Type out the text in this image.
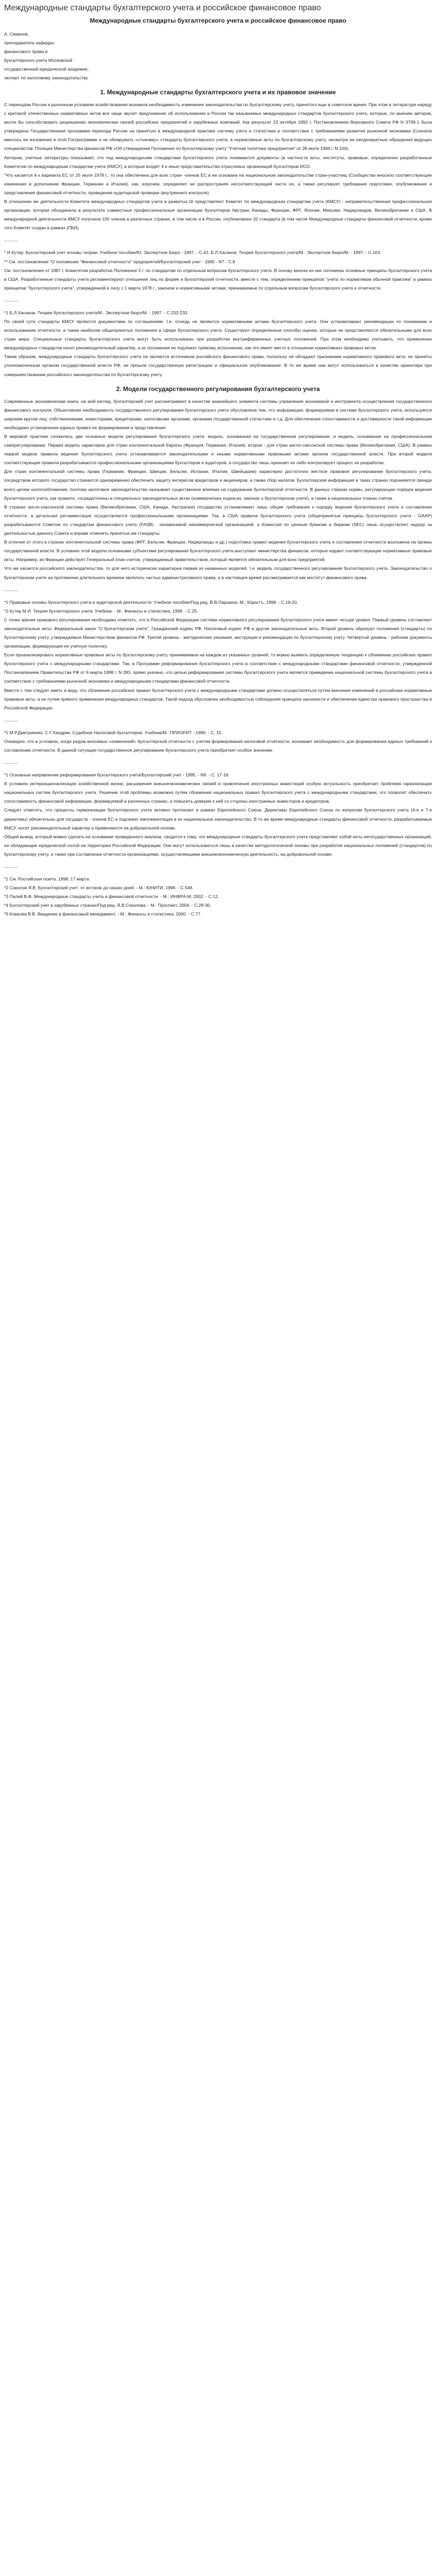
Международные стандарты бухгалтерского учета и российское финансовое право
Международные стандарты бухгалтерского учета и российское финансовое право

А. Смирнов,

преподаватель кафедры

финансового права и

бухгалтерского учета Московской

государственной юридической академии,

эксперт по налоговому законодательству

1. Международные стандарты бухгалтерского учета и их правовое значение

С переходом России к рыночным условиям хозяйствования возникла необходимость изменения законодательства по бухгалтерскому учету, принятого еще в советское время. При этом в литературе наряду с критикой отечественных нормативных актов все чаще звучит предложение об использовании в России так называемых международных стандартов бухгалтерского учета, которые, по мнению авторов, могли бы способствовать разрешению экономических связей российских предприятий и зарубежных компаний. Как результат 22 октября 1992 г. Постановлением Верховного Совета РФ N 3708-1 была утверждена Государственная программа перехода России на принятую в международной практике систему учета и статистики в соответствии с требованиями развития рыночной экономики (Сначала имелось ее изложение в этой Госпрограмме и не обнаружить «стыковку» стандарты бухгалтерского учета, а нормативные акты по бухгалтерскому учету, несмотря на неоднократные обращения ведущих специалистов. Позиция Министерства финансов РФ «Об утверждении Положения по бухгалтерскому учету "Учетная политика предприятия" от 28 июля 1994 г. N 100).

Автором, учетные литературы показывает, что под международными стандартами бухгалтерского учета понимаются документы (в частности акты, институты, правовые, определенно разработанные Комитетом по международным стандартам учета (КМСУ), в которые входят 4 и иные представительство отраслевых организаций бухгалтеров ИСО.

"Что касается 4-х варианта ЕС от 25 июля 1978 г., то она обеспечена для всех стран- членов ЕС и не основана на национальном законодательстве стран-участниц (Сообщество вносило соответствующие изменения в дополнение Франции, Германии и Италия), как, впрочем, определяет не распространяя несоответствующей части ее, а также регулирует требования подготовки, опубликования и представления финансовой отчетности, проведения аудиторской проверки (внутреннего контроля).

В отношении же деятельности Комитета международных стандартов учета в развитых Ш представляют Комитет по международным стандартам учета (КМСУ) - неправительственная профессиональная организация, которая объединила в результате совместные профессиональные организации бухгалтеров Австрии, Канады, Франции, ФРГ, Японии, Мексики, Нидерландов, Великобритании и США. В международной деятельности КМСУ получила 100 членов в различных странах, в том числе и в России, опубликовано 32 стандарта (в том числе Международные стандарты финансовой отчетности, кроме того Комитет создан в рамках (ПКИ).

-------

* И.Кутер. Бухгалтерский учет основы теории. Учебное пособие/Ю. Экспертное Бюро - 1997. - С.42. Б.Л.Хасанов. Теория бухгалтерского учета/М.: Экспертное Бюро/М. - 1997. - С.103.

** См. постановление "О положении "Финансовой отчетности" предприятий/Бухгалтерский учет - 1995 - N7 - С.8

См. постановление от 1987 г. Комитетом разработки Положения 3 г. по стандартам по отдельным вопросам бухгалтерского учета. В основу многих из них положены основные принципы бухгалтерского учета в США. Разработанные стандарты учета регламентируют отношения лиц по форме и бухгалтерской отчетности, вместе с тем, определением принципов "учета по нормативам обычной практики" в рамках принципов "бухгалтерского учета", утвержденной в силу с 1 марта 1978 г., законом и нормативными актами, принимаемые по отдельным вопросам бухгалтерского учета и отчетности.

-------

*1 Б.Л.Хасанов. Теория бухгалтерского учета/М.: Экспертное бюро/М. - 1997. - С.232-233.

По своей сути стандарты КМСУ являются документами по соглашениям: т.е. отнюдь не являются нормативными актами бухгалтерского учета. Они устанавливают рекомендации по пониманию и использованию отчетности, а также наиболее общепринятые положения в сфере бухгалтерского учета. Существуют определенные способы оценки, которые не представляются обязательными для всех стран мира. Специальные стандарты бухгалтерского учета могут быть использованы при разработке внутрифирменных учетных положений. При этом необходимо учитывать, что применение международных стандартов носит рекомендательный характер, а их положения не подлежат прямому исполнению, как это имеет место в отношении нормативных правовых актов.

Таким образом, международные стандарты бухгалтерского учета не являются источником российского финансового права, поскольку не обладают признаками нормативного правового акта: не приняты уполномоченным органом государственной власти РФ, не прошли государственную регистрацию и официальное опубликование. В то же время они могут использоваться в качестве ориентира при совершенствовании российского законодательства по бухгалтерскому учету.

2. Модели государственного регулирования бухгалтерского учета

Современные экономические книги, на мой взгляд, бухгалтерский учет рассматривают в качестве важнейшего элемента системы управления экономикой и инструмента осуществления государственного финансового контроля. Объективная необходимость государственного регулирования бухгалтерского учета обусловлена тем, что информация, формируемая в системе бухгалтерского учета, используется широким кругом лиц: собственниками, инвесторами, кредиторами, налоговыми органами, органами государственной статистики и т.д. Для обеспечения сопоставимости и достоверности такой информации необходимо установление единых правил ее формирования и представления.

В мировой практике сложились две основные модели регулирования бухгалтерского учета: модель, основанная на государственном регулировании, и модель, основанная на профессиональном саморегулировании. Первая модель характерна для стран континентальной Европы (Франция, Германия, Италия), вторая - для стран англо-саксонской системы права (Великобритания, США). В рамках первой модели правила ведения бухгалтерского учета устанавливаются законодательными и иными нормативными правовыми актами органов государственной власти. При второй модели соответствующие правила разрабатываются профессиональными организациями бухгалтеров и аудиторов, а государство лишь признает их либо контролирует процесс их разработки.

Для стран континентальной системы права (Германии, Франции, Швеции, Бельгии, Испании, Италии, Швейцарии) характерно достаточно жесткое правовое регулирование бухгалтерского учета, посредством которого государство стремится одновременно обеспечить защиту интересов кредиторов и акционеров, а также сбор налогов. Бухгалтерская информация в таких странах подчиняется прежде всего целям налогообложения, поэтому налоговое законодательство оказывает существенное влияние на содержание бухгалтерской отчетности. В данных странах нормы, регулирующие порядок ведения бухгалтерского учета, как правило, сосредоточены в специальных законодательных актах (коммерческих кодексах, законах о бухгалтерском учете), а также в национальных планах счетов.

В странах англо-саксонской системы права (Великобритании, США, Канаде, Австралии) государство устанавливает лишь общие требования к порядку ведения бухгалтерского учета и составления отчетности, а детальная регламентация осуществляется профессиональными организациями. Так, в США правила бухгалтерского учета (общепринятые принципы бухгалтерского учета - GAAP) разрабатываются Советом по стандартам финансового учета (FASB) - независимой некоммерческой организацией, а Комиссия по ценным бумагам и биржам (SEC) лишь осуществляет надзор за деятельностью данного Совета и вправе отменять принятые им стандарты.

В отличие от этого в странах континентальной системы права (ФРГ, Бельгии, Франции, Нидерланды и др.) подготовка правил ведения бухгалтерского учета и составления отчетности возложена на органы государственной власти. В условиях этой модели основными субъектами регулирования бухгалтерского учета выступают министерства финансов, которые издают соответствующие нормативные правовые акты. Например, во Франции действует Генеральный план счетов, утверждаемый правительством, который является обязательным для всех предприятий.

Что же касается российского законодательства, то для него исторически характерна первая из названных моделей, т.е. модель государственного регулирования бухгалтерского учета. Законодательство о бухгалтерском учете на протяжении длительного времени являлось частью административного права, а в настоящее время рассматривается как институт финансового права.

-------

*1 Правовые основы бухгалтерского учета и аудиторской деятельности: Учебное пособие/Под ред. В.В.Паршина, М.: Юристъ, 1998. - С.19-20.

*2 Кутер М.И. Теория бухгалтерского учета: Учебник. - М.: Финансы и статистика, 1999. - С.25.

С точки зрения правового регулирования необходимо отметить, что в Российской Федерации система нормативного регулирования бухгалтерского учета имеет четыре уровня. Первый уровень составляют законодательные акты: Федеральный закон "О бухгалтерском учете", Гражданский кодекс РФ, Налоговый кодекс РФ и другие законодательные акты. Второй уровень образуют положения (стандарты) по бухгалтерскому учету, утверждаемые Министерством финансов РФ. Третий уровень - методические указания, инструкции и рекомендации по бухгалтерскому учету. Четвертый уровень - рабочие документы организации, формирующие ее учетную политику.

Если проанализировать нормативные правовые акты по бухгалтерскому учету, принимаемые на каждом из указанных уровней, то можно выявить определенную тенденцию к сближению российских правил бухгалтерского учета с международными стандартами. Так, в Программе реформирования бухгалтерского учета в соответствии с международными стандартами финансовой отчетности, утвержденной Постановлением Правительства РФ от 6 марта 1998 г. N 283, прямо указано, что целью реформирования системы бухгалтерского учета является приведение национальной системы бухгалтерского учета в соответствие с требованиями рыночной экономики и международными стандартами финансовой отчетности.

Вместе с тем следует иметь в виду, что сближение российских правил бухгалтерского учета с международными стандартами должно осуществляться путем внесения изменений в российские нормативные правовые акты, а не путем прямого применения международных стандартов. Такой подход обусловлен необходимостью соблюдения принципа законности и обеспечения единства правового пространства в Российской Федерации.

-------

*1 М.Р.Дмитриенко, С.Г.Хандрик. Судебное Налоговой бухгалтерии. Учебник/М.: ПРИОРИТ - 1996. - С. 15.

Очевидно, что в условиях, когда рядом вносимых «изменений» бухгалтерской отчетности с учетом формирования налоговой отчетности, возникает необходимость для формирования единых требований к составлению отчетности. В данной ситуации государственное регулирование бухгалтерского учета приобретает особое значение.

-------

*1 Основные направления реформирования бухгалтерского учета/Бухгалтерский учет - 1995. - N6. - С. 17-18.

В условиях интернационализации хозяйственной жизни, расширения внешнеэкономических связей и привлечения иностранных инвестиций особую актуальность приобретает проблема гармонизации национальных систем бухгалтерского учета. Решение этой проблемы возможно путем сближения национальных правил бухгалтерского учета с международными стандартами, что позволит обеспечить сопоставимость финансовой информации, формируемой в различных странах, и повысить доверие к ней со стороны иностранных инвесторов и кредиторов.

Следует отметить, что процессы гармонизации бухгалтерского учета активно протекают в рамках Европейского Союза. Директивы Европейского Союза по вопросам бухгалтерского учета (4-я и 7-я директивы) обязательны для государств - членов ЕС и подлежат имплементации в их национальное законодательство. В то же время международные стандарты финансовой отчетности, разрабатываемые КМСУ, носят рекомендательный характер и применяются на добровольной основе.

Общий вывод, который можно сделать на основании проведенного анализа, сводится к тому, что международные стандарты бухгалтерского учета представляют собой акты негосударственных организаций, не обладающие юридической силой на территории Российской Федерации. Они могут использоваться лишь в качестве методологической основы при разработке национальных положений (стандартов) по бухгалтерскому учету, а также при составлении отчетности организациями, осуществляющими внешнеэкономическую деятельность, на добровольной основе.

-------

*1 См. Российская газета. 1998. 17 марта.

*2 Соколов Я.В. Бухгалтерский учет: от истоков до наших дней. - М.: ЮНИТИ, 1996. - С.548.

*3 Палий В.Ф. Международные стандарты учета и финансовой отчетности. - М.: ИНФРА-М, 2002. - С.12.

*4 Бухгалтерский учет в зарубежных странах/Под ред. Я.В.Соколова. - М.: Проспект, 2004. - С.29-30.

*5 Ковалев В.В. Введение в финансовый менеджмент. - М.: Финансы и статистика, 2000. - С.77.
